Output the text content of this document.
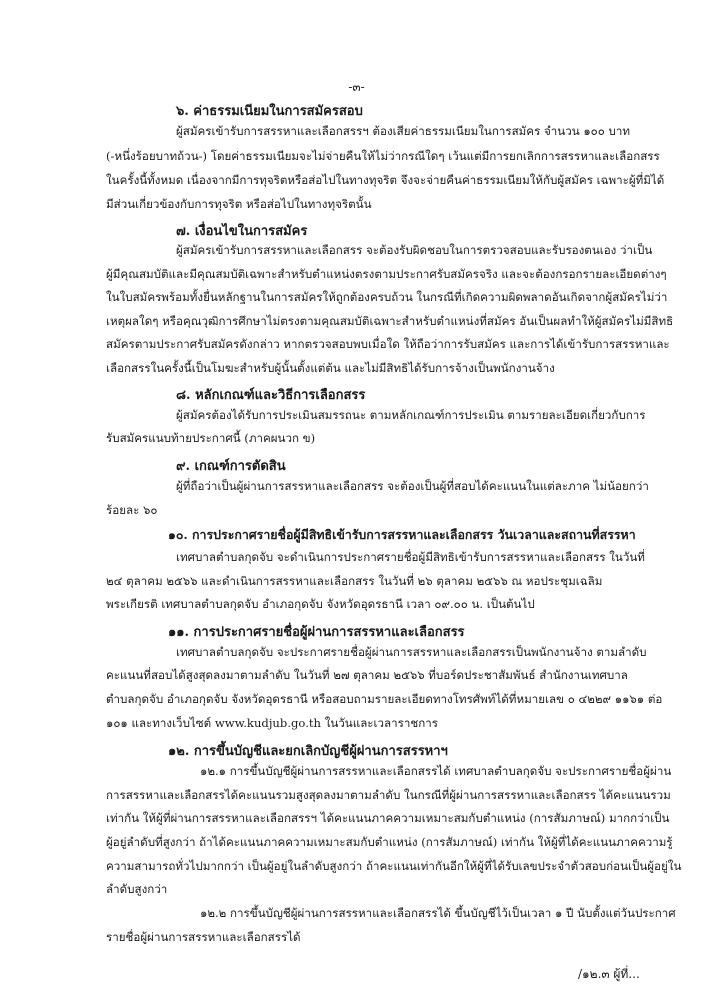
-๓-
๖. ค่าธรรมเนียมในการสมัครสอบ
ผู้สมัครเข้ารับการสรรหาและเลือกสรรฯ ต้องเสียค่าธรรมเนียมในการสมัคร จำนวน ๑๐๐ บาท
(-หนึ่งร้อยบาทถ้วน-) โดยค่าธรรมเนียมจะไม่จ่ายคืนให้ไม่ว่ากรณีใดๆ เว้นแต่มีการยกเลิกการสรรหาและเลือกสรร
ในครั้งนี้ทั้งหมด เนื่องจากมีการทุจริตหรือส่อไปในทางทุจริต จึงจะจ่ายคืนค่าธรรมเนียมให้กับผู้สมัคร เฉพาะผู้ที่มิได้
มีส่วนเกี่ยวข้องกับการทุจริต หรือส่อไปในทางทุจริตนั้น
๗. เงื่อนไขในการสมัคร
ผู้สมัครเข้ารับการสรรหาและเลือกสรร จะต้องรับผิดชอบในการตรวจสอบและรับรองตนเอง ว่าเป็น
ผู้มีคุณสมบัติและมีคุณสมบัติเฉพาะสำหรับตำแหน่งตรงตามประกาศรับสมัครจริง และจะต้องกรอกรายละเอียดต่างๆ
ในใบสมัครพร้อมทั้งยื่นหลักฐานในการสมัครให้ถูกต้องครบถ้วน ในกรณีที่เกิดความผิดพลาดอันเกิดจากผู้สมัครไม่ว่า
เหตุผลใดๆ หรือคุณวุฒิการศึกษาไม่ตรงตามคุณสมบัติเฉพาะสำหรับตำแหน่งที่สมัคร อันเป็นผลทำให้ผู้สมัครไม่มีสิทธิ
สมัครตามประกาศรับสมัครดังกล่าว หากตรวจสอบพบเมื่อใด ให้ถือว่าการรับสมัคร และการได้เข้ารับการสรรหาและ
เลือกสรรในครั้งนี้เป็นโมฆะสำหรับผู้นั้นตั้งแต่ต้น และไม่มีสิทธิได้รับการจ้างเป็นพนักงานจ้าง
๘. หลักเกณฑ์และวิธีการเลือกสรร
ผู้สมัครต้องได้รับการประเมินสมรรถนะ ตามหลักเกณฑ์การประเมิน ตามรายละเอียดเกี่ยวกับการ
รับสมัครแนบท้ายประกาศนี้ (ภาคผนวก ข)
๙. เกณฑ์การตัดสิน
ผู้ที่ถือว่าเป็นผู้ผ่านการสรรหาและเลือกสรร จะต้องเป็นผู้ที่สอบได้คะแนนในแต่ละภาค ไม่น้อยกว่า
ร้อยละ ๖๐
๑๐. การประกาศรายชื่อผู้มีสิทธิเข้ารับการสรรหาและเลือกสรร วันเวลาและสถานที่สรรหา
เทศบาลตำบลกุดจับ จะดำเนินการประกาศรายชื่อผู้มีสิทธิเข้ารับการสรรหาและเลือกสรร ในวันที่
๒๔ ตุลาคม ๒๕๖๖ และดำเนินการสรรหาและเลือกสรร ในวันที่ ๒๖ ตุลาคม ๒๕๖๖ ณ หอประชุมเฉลิม
พระเกียรติ เทศบาลตำบลกุดจับ อำเภอกุดจับ จังหวัดอุดรธานี เวลา ๐๙.๐๐ น. เป็นต้นไป
๑๑. การประกาศรายชื่อผู้ผ่านการสรรหาและเลือกสรร
เทศบาลตำบลกุดจับ จะประกาศรายชื่อผู้ผ่านการสรรหาและเลือกสรรเป็นพนักงานจ้าง ตามลำดับ
คะแนนที่สอบได้สูงสุดลงมาตามลำดับ ในวันที่ ๒๗ ตุลาคม ๒๕๖๖ ที่บอร์ดประชาสัมพันธ์ สำนักงานเทศบาล
ตำบลกุดจับ อำเภอกุดจับ จังหวัดอุดรธานี หรือสอบถามรายละเอียดทางโทรศัพท์ได้ที่หมายเลข ๐ ๔๒๒๙ ๑๑๖๑ ต่อ
๑๐๑ และทางเว็บไซต์ www.kudjub.go.th ในวันและเวลาราชการ
๑๒. การขึ้นบัญชีและยกเลิกบัญชีผู้ผ่านการสรรหาฯ
๑๒.๑ การขึ้นบัญชีผู้ผ่านการสรรหาและเลือกสรรได้ เทศบาลตำบลกุดจับ จะประกาศรายชื่อผู้ผ่าน
การสรรหาและเลือกสรรได้คะแนนรวมสูงสุดลงมาตามลำดับ ในกรณีที่ผู้ผ่านการสรรหาและเลือกสรร ได้คะแนนรวม
เท่ากัน ให้ผู้ที่ผ่านการสรรหาและเลือกสรรฯ ได้คะแนนภาคความเหมาะสมกับตำแหน่ง (การสัมภาษณ์) มากกว่าเป็น
ผู้อยู่ลำดับที่สูงกว่า ถ้าได้คะแนนภาคความเหมาะสมกับตำแหน่ง (การสัมภาษณ์) เท่ากัน ให้ผู้ที่ได้คะแนนภาคความรู้
ความสามารถทั่วไปมากกว่า เป็นผู้อยู่ในลำดับสูงกว่า ถ้าคะแนนเท่ากันอีกให้ผู้ที่ได้รับเลขประจำตัวสอบก่อนเป็นผู้อยู่ใน
ลำดับสูงกว่า
๑๒.๒ การขึ้นบัญชีผู้ผ่านการสรรหาและเลือกสรรได้ ขึ้นบัญชีไว้เป็นเวลา ๑ ปี นับตั้งแต่วันประกาศ
รายชื่อผู้ผ่านการสรรหาและเลือกสรรได้
/๑๒.๓ ผู้ที่...
